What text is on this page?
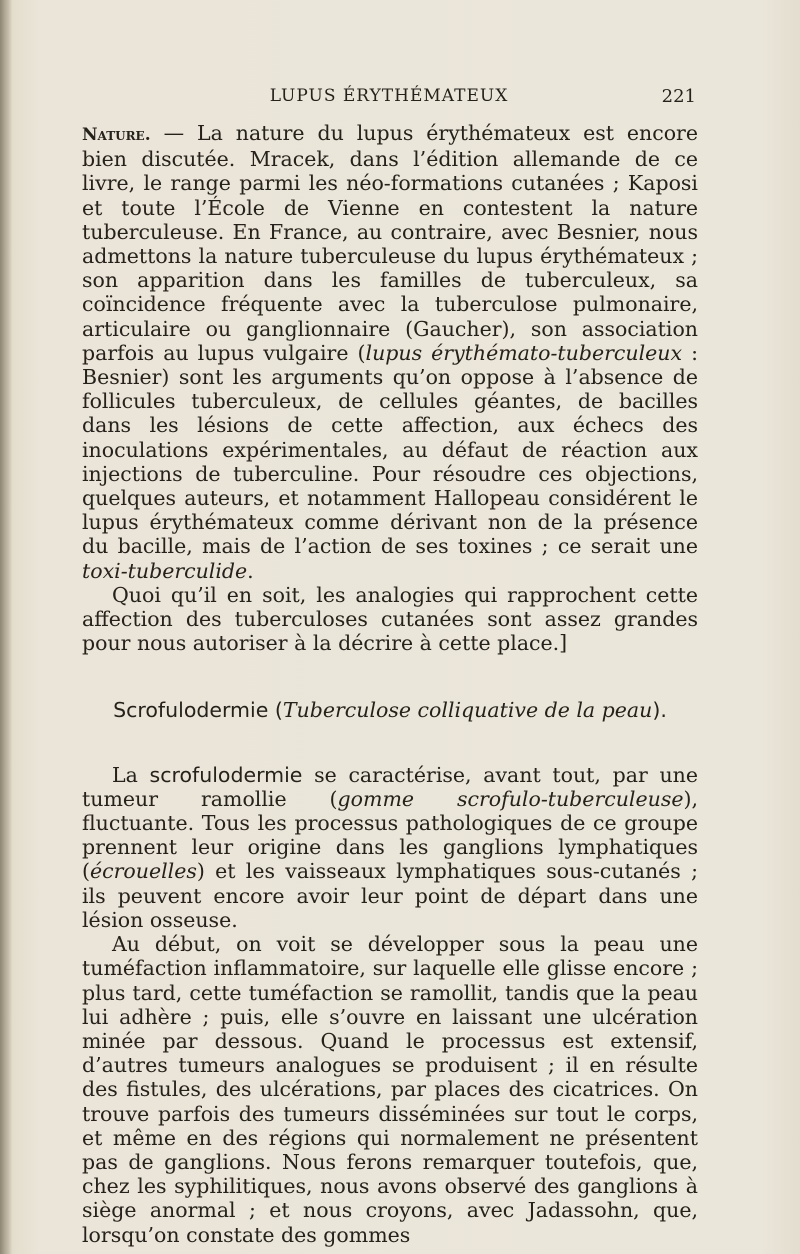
LUPUS ÉRYTHÉMATEUX	221

Nature. — La nature du lupus érythémateux est encore bien discutée. Mracek, dans l’édition allemande de ce livre, le range parmi les néo-formations cutanées ; Kaposi et toute l’École de Vienne en contestent la nature tuberculeuse. En France, au contraire, avec Besnier, nous admettons la nature tuberculeuse du lupus érythémateux ; son apparition dans les familles de tuberculeux, sa coïncidence fréquente avec la tuberculose pulmonaire, articulaire ou ganglionnaire (Gaucher), son association parfois au lupus vulgaire (lupus érythémato-tuberculeux : Besnier) sont les arguments qu’on oppose à l’absence de follicules tuberculeux, de cellules géantes, de bacilles dans les lésions de cette affection, aux échecs des inoculations expérimentales, au défaut de réaction aux injections de tuberculine. Pour résoudre ces objections, quelques auteurs, et notamment Hallopeau considérent le lupus érythémateux comme dérivant non de la présence du bacille, mais de l’action de ses toxines ; ce serait une toxi-tuberculide.

Quoi qu’il en soit, les analogies qui rapprochent cette affection des tuberculoses cutanées sont assez grandes pour nous autoriser à la décrire à cette place.]

Scrofulodermie (Tuberculose colliquative de la peau).

La scrofulodermie se caractérise, avant tout, par une tumeur ramollie (gomme scrofulo-tuberculeuse), fluctuante. Tous les processus pathologiques de ce groupe prennent leur origine dans les ganglions lymphatiques (écrouelles) et les vaisseaux lymphatiques sous-cutanés ; ils peuvent encore avoir leur point de départ dans une lésion osseuse.

Au début, on voit se développer sous la peau une tuméfaction inflammatoire, sur laquelle elle glisse encore ; plus tard, cette tuméfaction se ramollit, tandis que la peau lui adhère ; puis, elle s’ouvre en laissant une ulcération minée par dessous. Quand le processus est extensif, d’autres tumeurs analogues se produisent ; il en résulte des fistules, des ulcérations, par places des cicatrices. On trouve parfois des tumeurs disséminées sur tout le corps, et même en des régions qui normalement ne présentent pas de ganglions. Nous ferons remarquer toutefois, que, chez les syphilitiques, nous avons observé des ganglions à siège anormal ; et nous croyons, avec Jadassohn, que, lorsqu’on constate des gommes
